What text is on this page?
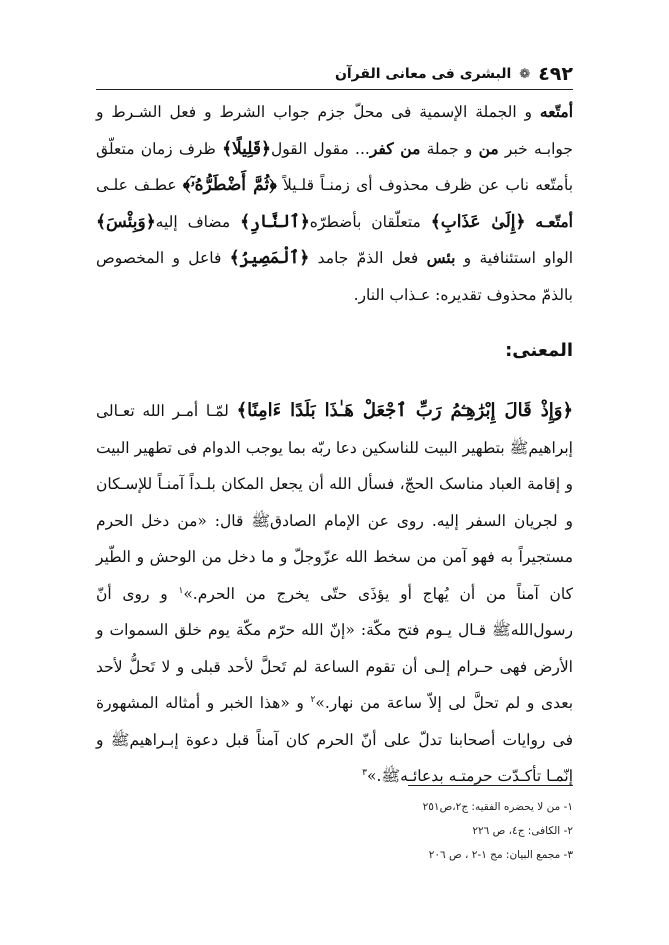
٤٩٢
❁
البشری فی معانی القرآن
أمتّعه و الجملة الإسمیة فی محلّ جزم جواب الشرط و فعل الشـرط و جوابـه خبر من و جملة من کفر... مقول القول﴿قَلِیلًا﴾ ظرف زمان متعلّق بأمتّعه ناب عن ظرف محذوف أی زمنـاً قلـیلاً ﴿ثُمَّ أَضْطَرُّهُۥٓ﴾ عطـف علـی أمتّعـه ﴿إِلَىٰ عَذَابِ﴾ متعلّقان بأضطرّه﴿ٱلنَّارِ﴾ مضاف إلیه﴿وَبِئْسَ﴾ الواو استئنافیة و بئس فعل الذمّ جامد ﴿ٱلْمَصِیرُ﴾ فاعل و المخصوص بالذمّ محذوف تقدیره: عـذاب النار.
المعنی:
﴿وَإِذْ قَالَ إِبْرَٰهِـۧمُ رَبِّ ٱجْعَلْ هَـٰذَا بَلَدًا ءَامِنًا﴾ لمّـا أمـر الله تعـالی إبراهیمﷺ بتطهیر البیت للناسکین دعا ربّه بما یوجب الدوام فی تطهیر البیت و إقامة العباد مناسک الحجّ، فسأل الله أن یجعل المکان بلـداً آمنـاً للإسـکان و لجریان السفر إلیه. روی عن الإمام الصادقﷺ قال: «من دخل الحرم مستجیراً به فهو آمن من سخط الله عزّوجلّ و ما دخل من الوحش و الطّیر کان آمناً من أن یُهاج أو یؤذَی حتّی یخرج من الحرم.»$^١$ و روی أنّ رسول‌اللهﷺ قـال یـوم فتح مکّة: «إنّ الله حرّم مکّة یوم خلق السموات و الأرض فهی حـرام إلـی أن تقوم الساعة لم تَحلَّ لأحد قبلی و لا تَحلُّ لأحد بعدی و لم تحلَّ لی إلاّ ساعة من نهار.»$^٢$ و «هذا الخبر و أمثاله المشهورة فی روایات أصحابنا تدلّ علی أنّ الحرم کان آمناً قبل دعوة إبـراهیمﷺ و إنّمـا تأکـدّت حرمتـه بدعائـهﷺ.»$^٣$
١- من لا یحضره الفقیه: ج٢،ص٢٥١
٢- الکافی: ج٤، ص ٢٢٦
٣- مجمع البیان: مج ١-٢ ، ص ٢٠٦
